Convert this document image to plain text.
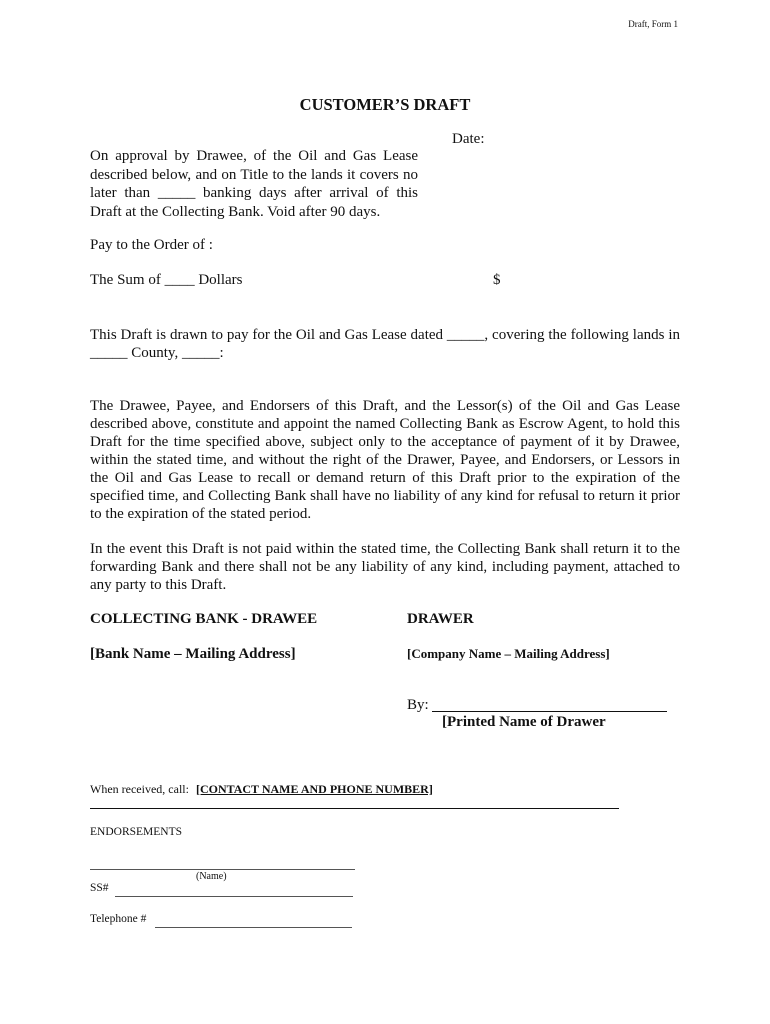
Draft, Form 1
CUSTOMER’S DRAFT
Date:
On approval by Drawee, of the Oil and Gas Lease described below, and on Title to the lands it covers no later than _____ banking days after arrival of this Draft at the Collecting Bank. Void after 90 days.
Pay to the Order of :
The Sum of ____ Dollars	$
This Draft is drawn to pay for the Oil and Gas Lease dated _____, covering the following lands in _____ County, _____:
The Drawee, Payee, and Endorsers of this Draft, and the Lessor(s) of the Oil and Gas Lease described above, constitute and appoint the named Collecting Bank as Escrow Agent, to hold this Draft for the time specified above, subject only to the acceptance of payment of it by Drawee, within the stated time, and without the right of the Drawer, Payee, and Endorsers, or Lessors in the Oil and Gas Lease to recall or demand return of this Draft prior to the expiration of the specified time, and Collecting Bank shall have no liability of any kind for refusal to return it prior to the expiration of the stated period.
In the event this Draft is not paid within the stated time, the Collecting Bank shall return it to the forwarding Bank and there shall not be any liability of any kind, including payment, attached to any party to this Draft.
COLLECTING BANK - DRAWEE	DRAWER
[Bank Name – Mailing Address]	[Company Name – Mailing Address]
By:
[Printed Name of Drawer
When received, call: [CONTACT NAME AND PHONE NUMBER]
ENDORSEMENTS
(Name)
SS#
Telephone #
